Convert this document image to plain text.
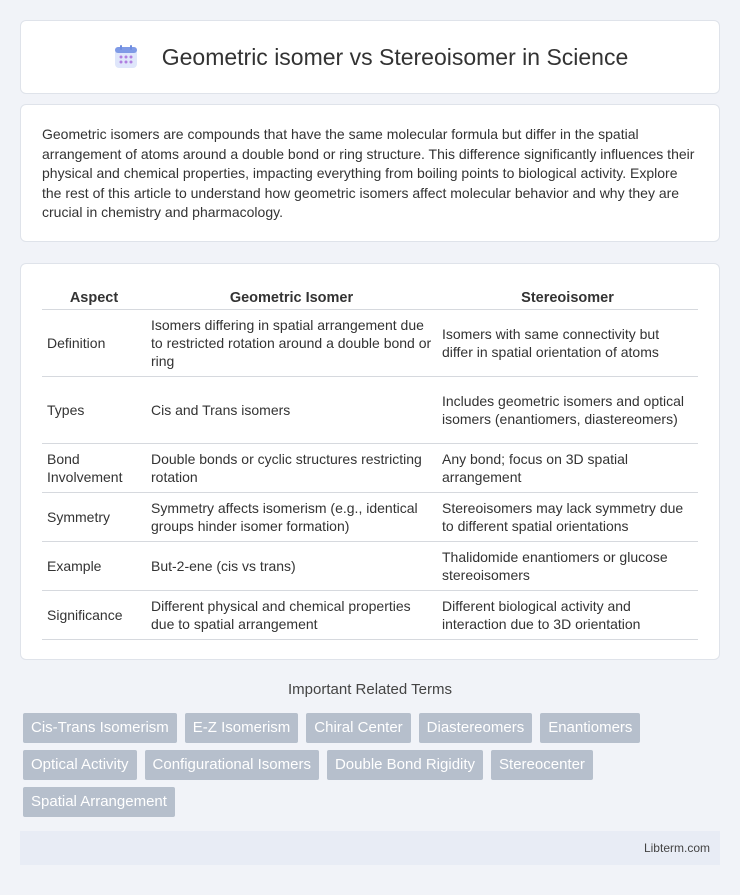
Geometric isomer vs Stereoisomer in Science

Geometric isomers are compounds that have the same molecular formula but differ in the spatial arrangement of atoms around a double bond or ring structure. This difference significantly influences their physical and chemical properties, impacting everything from boiling points to biological activity. Explore the rest of this article to understand how geometric isomers affect molecular behavior and why they are crucial in chemistry and pharmacology.

Aspect	Geometric Isomer	Stereoisomer
Definition	Isomers differing in spatial arrangement due to restricted rotation around a double bond or ring	Isomers with same connectivity but differ in spatial orientation of atoms
Types	Cis and Trans isomers	Includes geometric isomers and optical isomers (enantiomers, diastereomers)
Bond Involvement	Double bonds or cyclic structures restricting rotation	Any bond; focus on 3D spatial arrangement
Symmetry	Symmetry affects isomerism (e.g., identical groups hinder isomer formation)	Stereoisomers may lack symmetry due to different spatial orientations
Example	But-2-ene (cis vs trans)	Thalidomide enantiomers or glucose stereoisomers
Significance	Different physical and chemical properties due to spatial arrangement	Different biological activity and interaction due to 3D orientation
Important Related Terms
Cis-Trans Isomerism	E-Z Isomerism	Chiral Center	Diastereomers	Enantiomers
Optical Activity	Configurational Isomers	Double Bond Rigidity	Stereocenter
Spatial Arrangement
Libterm.com
